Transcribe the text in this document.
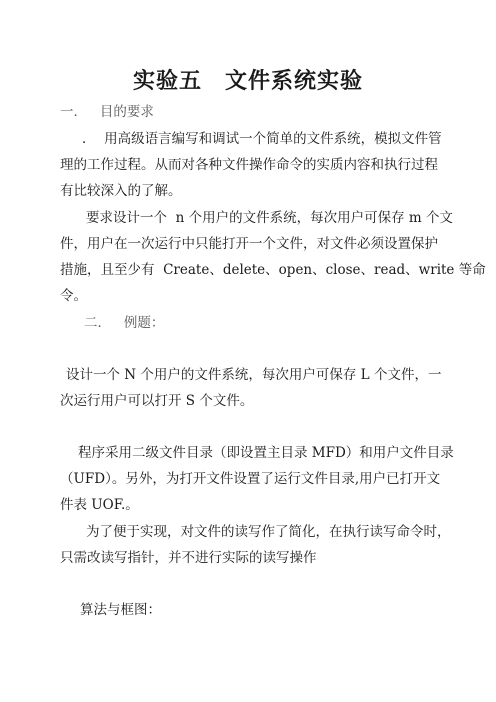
实验五　文件系统实验
一．   目的要求
．  用高级语言编写和调试一个简单的文件系统，模拟文件管
理的工作过程。从而对各种文件操作命令的实质内容和执行过程
有比较深入的了解。
要求设计一个  n 个用户的文件系统，每次用户可保存 m 个文
件，用户在一次运行中只能打开一个文件，对文件必须设置保护
措施，且至少有  Create、delete、open、close、read、write 等命
令。
二．   例题：
设计一个 N 个用户的文件系统，每次用户可保存 L 个文件，一
次运行用户可以打开 S 个文件。
程序采用二级文件目录（即设置主目录 MFD）和用户文件目录
（UFD）。另外，为打开文件设置了运行文件目录,用户已打开文
件表 UOF.。
为了便于实现，对文件的读写作了简化，在执行读写命令时，
只需改读写指针，并不进行实际的读写操作
算法与框图：
